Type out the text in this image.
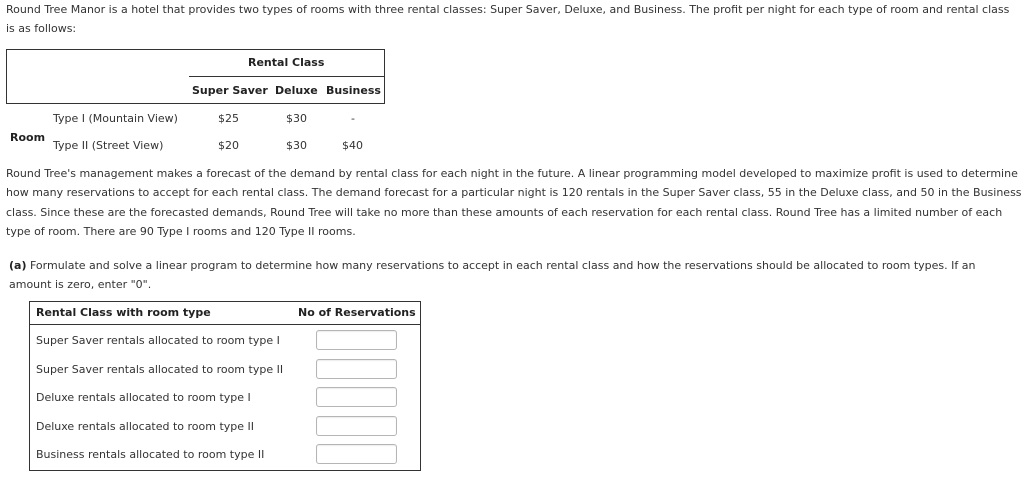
Round Tree Manor is a hotel that provides two types of rooms with three rental classes: Super Saver, Deluxe, and Business. The profit per night for each type of room and rental class is as follows:

Rental Class
Super Saver Deluxe Business
Room
Type I (Mountain View)	$25	$30	-
Type II (Street View)	$20	$30	$40

Round Tree's management makes a forecast of the demand by rental class for each night in the future. A linear programming model developed to maximize profit is used to determine how many reservations to accept for each rental class. The demand forecast for a particular night is 120 rentals in the Super Saver class, 55 in the Deluxe class, and 50 in the Business class. Since these are the forecasted demands, Round Tree will take no more than these amounts of each reservation for each rental class. Round Tree has a limited number of each type of room. There are 90 Type I rooms and 120 Type II rooms.

(a) Formulate and solve a linear program to determine how many reservations to accept in each rental class and how the reservations should be allocated to room types. If an amount is zero, enter "0".
Rental Class with room type	No of Reservations
Super Saver rentals allocated to room type I
Super Saver rentals allocated to room type II
Deluxe rentals allocated to room type I
Deluxe rentals allocated to room type II
Business rentals allocated to room type II
